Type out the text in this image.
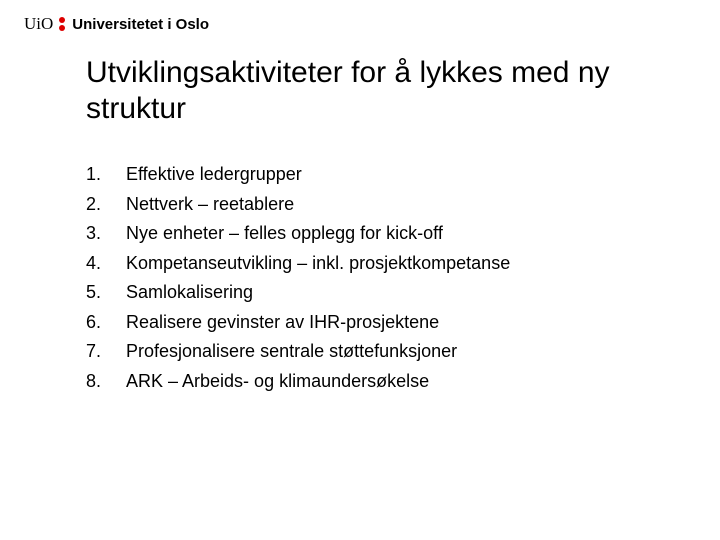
UiO Universitetet i Oslo
Utviklingsaktiviteter for å lykkes med ny struktur
1.	Effektive ledergrupper
2.	Nettverk – reetablere
3.	Nye enheter – felles opplegg for kick-off
4.	Kompetanseutvikling – inkl. prosjektkompetanse
5.	Samlokalisering
6.	Realisere gevinster av IHR-prosjektene
7.	Profesjonalisere sentrale støttefunksjoner
8.	ARK – Arbeids- og klimaundersøkelse
